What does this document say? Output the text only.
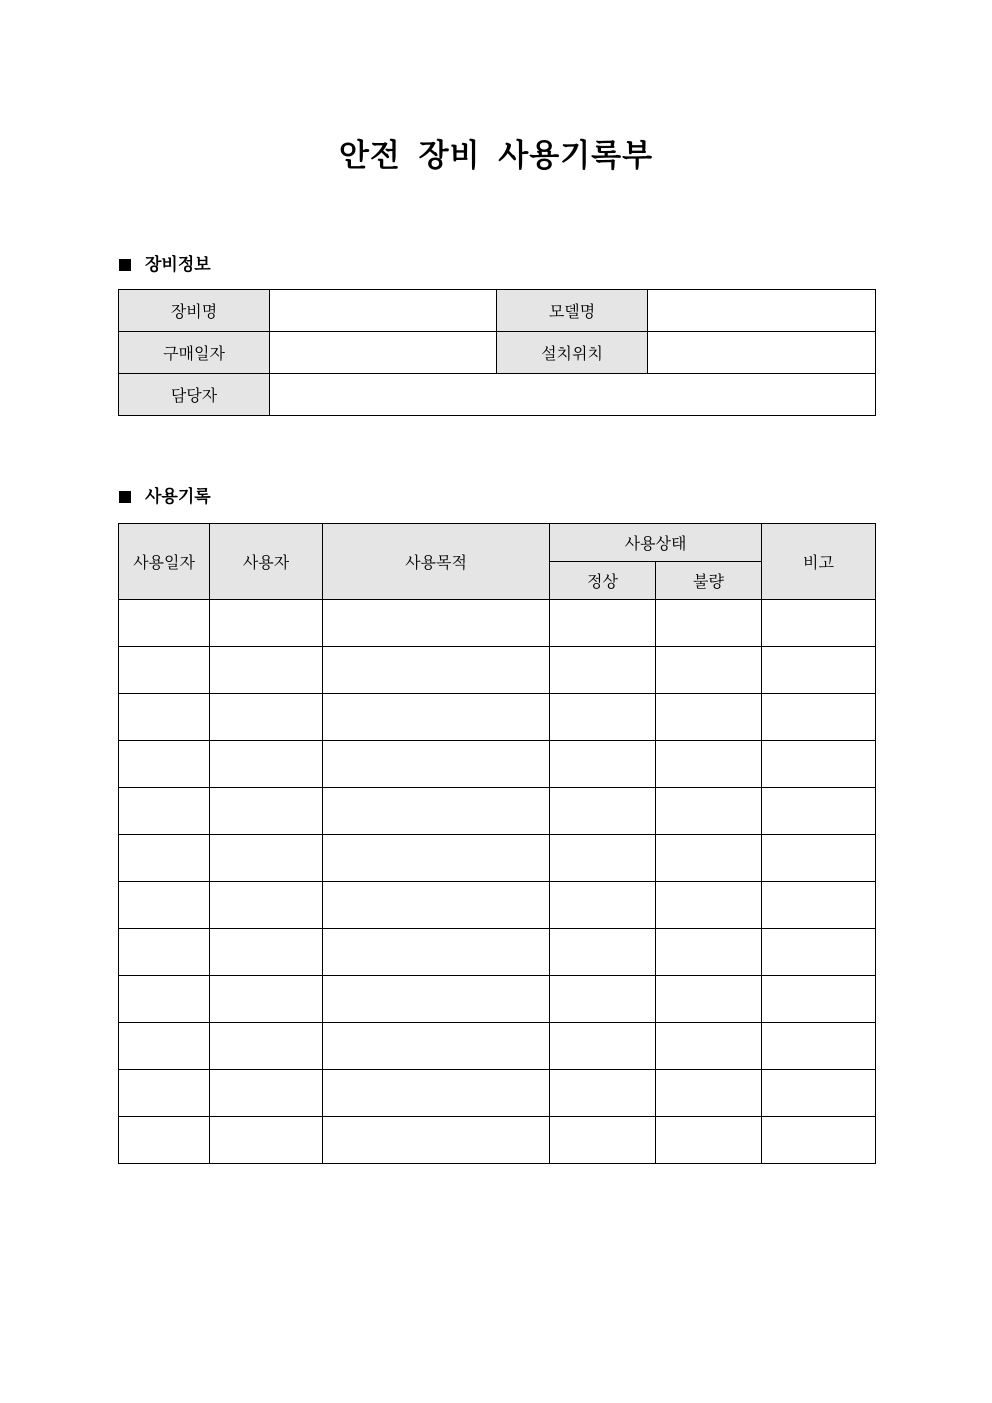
안전 장비 사용기록부
장비정보
장비명		모델명	
구매일자		설치위치	
담당자			
사용기록
사용일자	사용자	사용목적	사용상태		비고
			정상	불량	
